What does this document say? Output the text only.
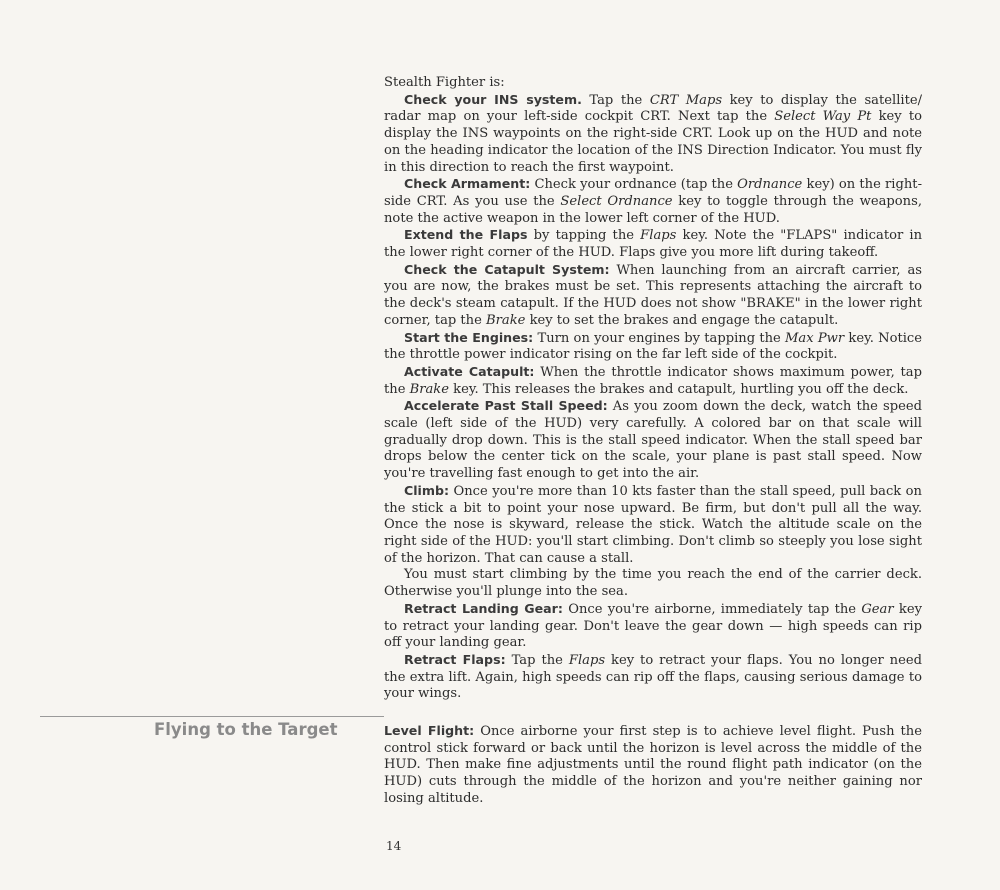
Stealth Fighter is:

Check your INS system. Tap the CRT Maps key to display the satellite/ radar map on your left-side cockpit CRT. Next tap the Select Way Pt key to display the INS waypoints on the right-side CRT. Look up on the HUD and note on the heading indicator the location of the INS Direction Indicator. You must fly in this direction to reach the first waypoint.

Check Armament: Check your ordnance (tap the Ordnance key) on the right-side CRT. As you use the Select Ordnance key to toggle through the weapons, note the active weapon in the lower left corner of the HUD.

Extend the Flaps by tapping the Flaps key. Note the "FLAPS" indicator in the lower right corner of the HUD. Flaps give you more lift during takeoff.

Check the Catapult System: When launching from an aircraft carrier, as you are now, the brakes must be set. This represents attaching the aircraft to the deck's steam catapult. If the HUD does not show "BRAKE" in the lower right corner, tap the Brake key to set the brakes and engage the catapult.

Start the Engines: Turn on your engines by tapping the Max Pwr key. Notice the throttle power indicator rising on the far left side of the cockpit.

Activate Catapult: When the throttle indicator shows maximum power, tap the Brake key. This releases the brakes and catapult, hurtling you off the deck.

Accelerate Past Stall Speed: As you zoom down the deck, watch the speed scale (left side of the HUD) very carefully. A colored bar on that scale will gradually drop down. This is the stall speed indicator. When the stall speed bar drops below the center tick on the scale, your plane is past stall speed. Now you're travelling fast enough to get into the air.

Climb: Once you're more than 10 kts faster than the stall speed, pull back on the stick a bit to point your nose upward. Be firm, but don't pull all the way. Once the nose is skyward, release the stick. Watch the altitude scale on the right side of the HUD: you'll start climbing. Don't climb so steeply you lose sight of the horizon. That can cause a stall.

You must start climbing by the time you reach the end of the carrier deck. Otherwise you'll plunge into the sea.

Retract Landing Gear: Once you're airborne, immediately tap the Gear key to retract your landing gear. Don't leave the gear down — high speeds can rip off your landing gear.

Retract Flaps: Tap the Flaps key to retract your flaps. You no longer need the extra lift. Again, high speeds can rip off the flaps, causing serious damage to your wings.

Flying to the Target	Level Flight: Once airborne your first step is to achieve level flight. Push the control stick forward or back until the horizon is level across the middle of the HUD. Then make fine adjustments until the round flight path indicator (on the HUD) cuts through the middle of the horizon and you're neither gaining nor losing altitude.

14
